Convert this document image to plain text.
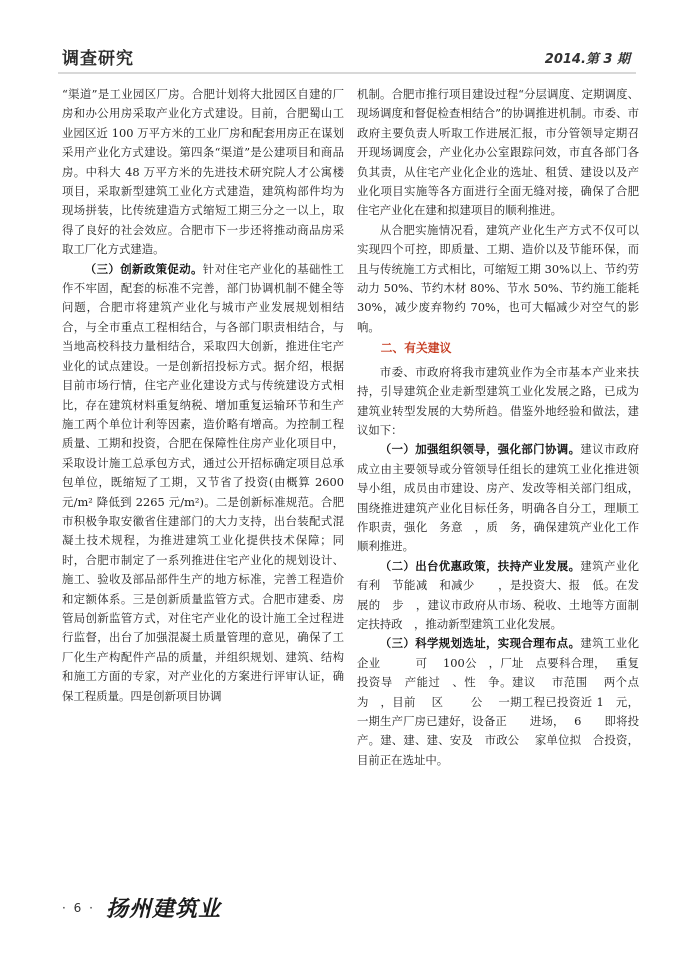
调查研究	2014.第 3 期

“渠道”是工业园区厂房。合肥计划将大批园区自建的厂房和办公用房采取产业化方式建设。目前，合肥蜀山工业园区近 100 万平方米的工业厂房和配套用房正在谋划采用产业化方式建设。第四条“渠道”是公建项目和商品房。中科大 48 万平方米的先进技术研究院人才公寓楼项目，采取新型建筑工业化方式建造，建筑构部件均为现场拼装，比传统建造方式缩短工期三分之一以上，取得了良好的社会效应。合肥市下一步还将推动商品房采取工厂化方式建造。

（三）创新政策促动。针对住宅产业化的基础性工作不牢固，配套的标准不完善，部门协调机制不健全等问题，合肥市将建筑产业化与城市产业发展规划相结合，与全市重点工程相结合，与各部门职责相结合，与当地高校科技力量相结合，采取四大创新，推进住宅产业化的试点建设。一是创新招投标方式。据介绍，根据目前市场行情，住宅产业化建设方式与传统建设方式相比，存在建筑材料重复纳税、增加重复运输环节和生产施工两个单位计利等因素，造价略有增高。为控制工程质量、工期和投资，合肥在保障性住房产业化项目中，采取设计施工总承包方式，通过公开招标确定项目总承包单位，既缩短了工期，又节省了投资(由概算 2600 元/m² 降低到 2265 元/m²)。二是创新标准规范。合肥市积极争取安徽省住建部门的大力支持，出台装配式混凝土技术规程，为推进建筑工业化提供技术保障；同时，合肥市制定了一系列推进住宅产业化的规划设计、施工、验收及部品部件生产的地方标准，完善工程造价和定额体系。三是创新质量监管方式。合肥市建委、房管局创新监管方式，对住宅产业化的设计施工全过程进行监督，出台了加强混凝土质量管理的意见，确保了工厂化生产构配件产品的质量，并组织规划、建筑、结构和施工方面的专家，对产业化的方案进行评审认证，确保工程质量。四是创新项目协调

机制。合肥市推行项目建设过程“分层调度、定期调度、现场调度和督促检查相结合”的协调推进机制。市委、市政府主要负责人听取工作进展汇报，市分管领导定期召开现场调度会，产业化办公室跟踪问效，市直各部门各负其责，从住宅产业化企业的选址、租赁、建设以及产业化项目实施等各方面进行全面无缝对接，确保了合肥住宅产业化在建和拟建项目的顺利推进。

从合肥实施情况看，建筑产业化生产方式不仅可以实现四个可控，即质量、工期、造价以及节能环保，而且与传统施工方式相比，可缩短工期 30%以上、节约劳动力 50%、节约木材 80%、节水 50%、节约施工能耗 30%，减少废弃物约 70%，也可大幅减少对空气的影响。

二、有关建议

市委、市政府将我市建筑业作为全市基本产业来扶持，引导建筑企业走新型建筑工业化发展之路，已成为建筑业转型发展的大势所趋。借鉴外地经验和做法，建议如下：

（一）加强组织领导，强化部门协调。建议市政府成立由主要领导或分管领导任组长的建筑工业化推进领导小组，成员由市建设、房产、发改等相关部门组成，围绕推进建筑产业化目标任务，明确各自分工，理顺工作职责，强化　务意　，质　务，确保建筑产业化工作顺利推进。

（二）出台优惠政策，扶持产业发展。建筑产业化有利　节能减　和减少　　，是投资大、报　低。在发展的　步　，建议市政府从市场、税收、土地等方面制定扶持政　，推动新型建筑工业化发展。

（三）科学规划选址，实现合理布点。建筑工业化企业　　　可　 100公　，厂址　点要科合理，　 重复投资导　产能过　、性　争。建议　 市范围　 两个点为　，目前　 区　　 公　 一期工程已投资近 1　元，一期生产厂房已建好，设备正　　进场，　 6　　即将投产。建、建、建、安及　市政公　 家单位拟　合投资，目前正在选址中。

· 6 · 扬州建筑业
